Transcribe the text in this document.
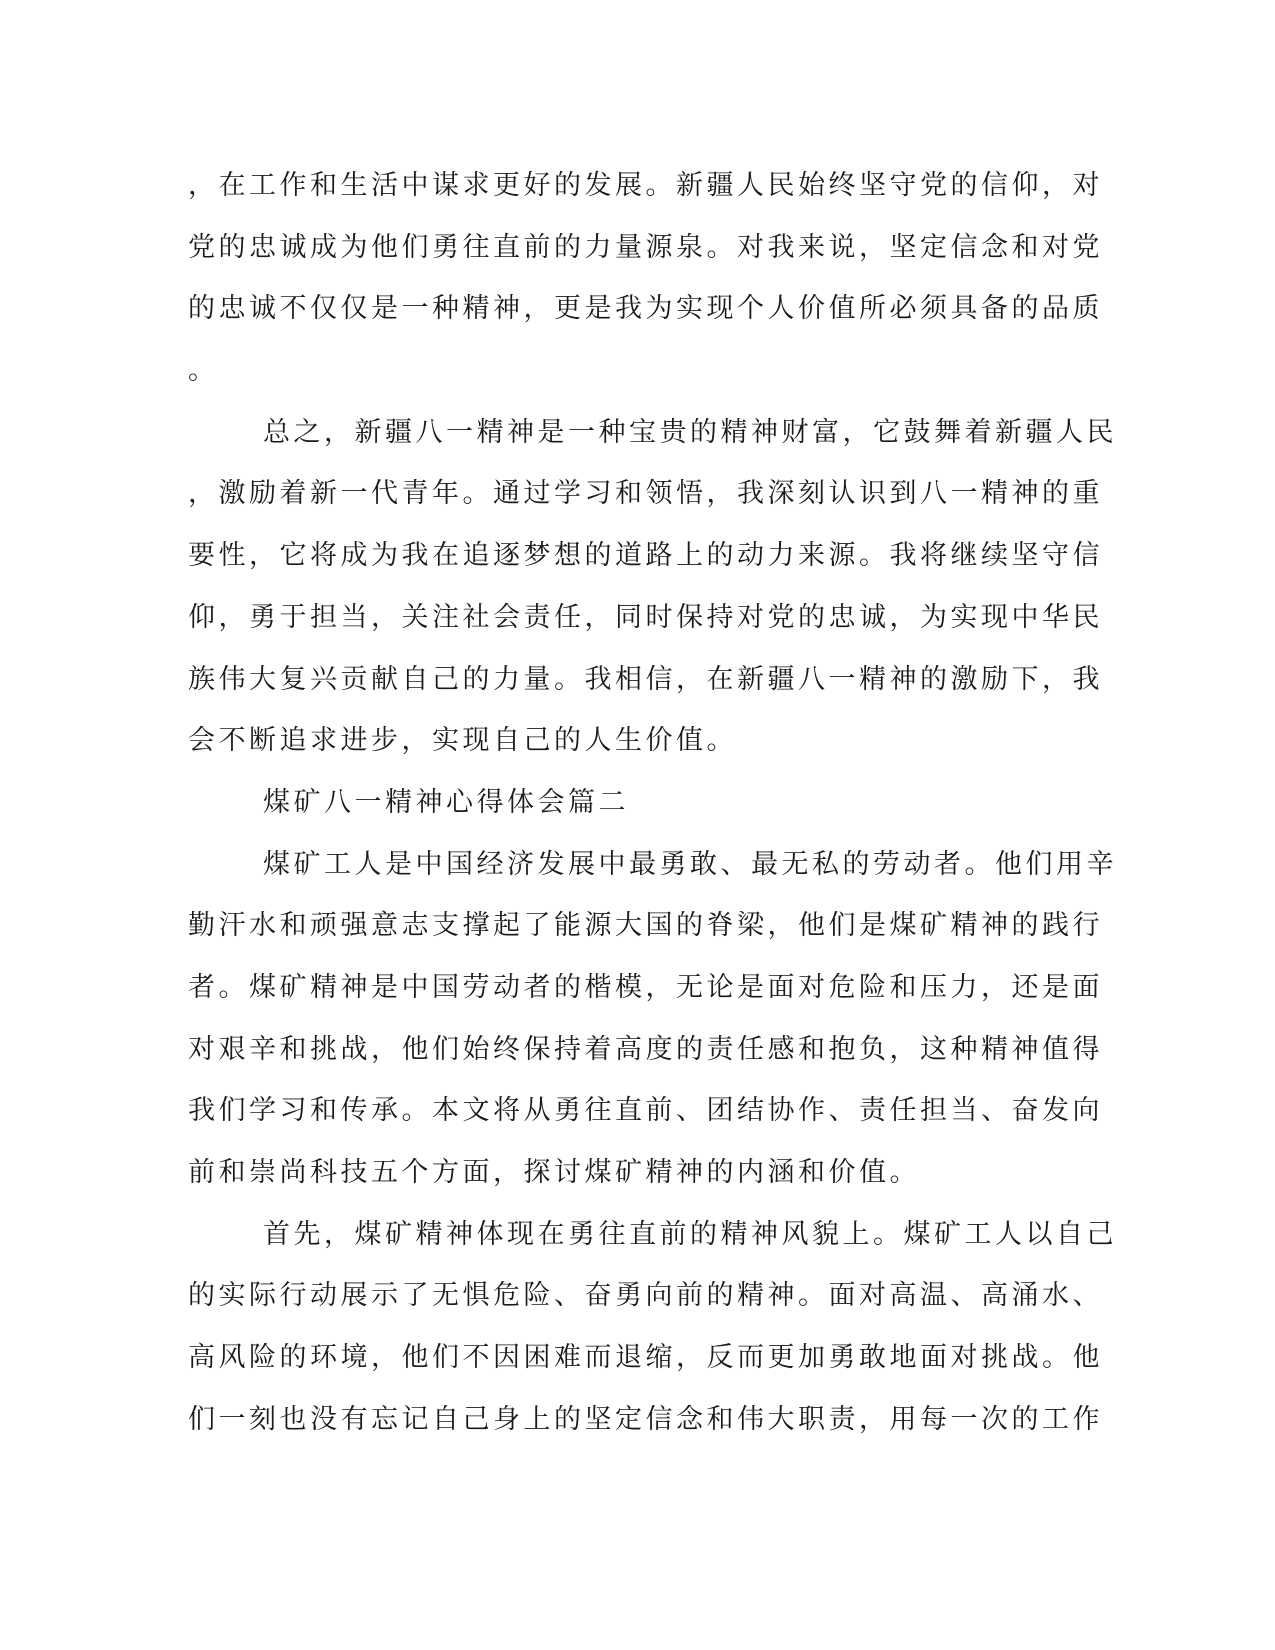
，在工作和生活中谋求更好的发展。新疆人民始终坚守党的信仰，对
党的忠诚成为他们勇往直前的力量源泉。对我来说，坚定信念和对党
的忠诚不仅仅是一种精神，更是我为实现个人价值所必须具备的品质
。
总之，新疆八一精神是一种宝贵的精神财富，它鼓舞着新疆人民
，激励着新一代青年。通过学习和领悟，我深刻认识到八一精神的重
要性，它将成为我在追逐梦想的道路上的动力来源。我将继续坚守信
仰，勇于担当，关注社会责任，同时保持对党的忠诚，为实现中华民
族伟大复兴贡献自己的力量。我相信，在新疆八一精神的激励下，我
会不断追求进步，实现自己的人生价值。
煤矿八一精神心得体会篇二
煤矿工人是中国经济发展中最勇敢、最无私的劳动者。他们用辛
勤汗水和顽强意志支撑起了能源大国的脊梁，他们是煤矿精神的践行
者。煤矿精神是中国劳动者的楷模，无论是面对危险和压力，还是面
对艰辛和挑战，他们始终保持着高度的责任感和抱负，这种精神值得
我们学习和传承。本文将从勇往直前、团结协作、责任担当、奋发向
前和崇尚科技五个方面，探讨煤矿精神的内涵和价值。
首先，煤矿精神体现在勇往直前的精神风貌上。煤矿工人以自己
的实际行动展示了无惧危险、奋勇向前的精神。面对高温、高涌水、
高风险的环境，他们不因困难而退缩，反而更加勇敢地面对挑战。他
们一刻也没有忘记自己身上的坚定信念和伟大职责，用每一次的工作
